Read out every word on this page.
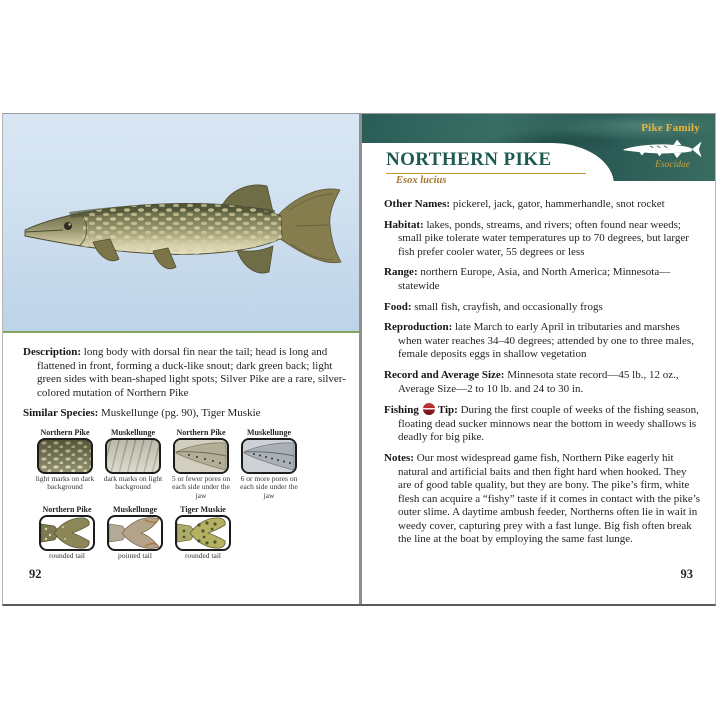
Description: long body with dorsal fin near the tail; head is long and flattened in front, forming a duck-like snout; dark green back; light green sides with bean-shaped light spots; Silver Pike are a rare, silver-colored mutation of Northern Pike

Similar Species: Muskellunge (pg. 90), Tiger Muskie

Northern Pike
light marks on dark background
Muskellunge
dark marks on light background
Northern Pike
5 or fewer pores on each side under the jaw
Muskellunge
6 or more pores on each side under the jaw
Northern Pike
rounded tail
Muskellunge
pointed tail
Tiger Muskie
rounded tail
92
Pike Family
Esocidae
NORTHERN PIKE
Esox lucius

Other Names: pickerel, jack, gator, hammerhandle, snot rocket

Habitat: lakes, ponds, streams, and rivers; often found near weeds; small pike tolerate water temperatures up to 70 degrees, but larger fish prefer cooler water, 55 degrees or less

Range: northern Europe, Asia, and North America; Minnesota—statewide

Food: small fish, crayfish, and occasionally frogs

Reproduction: late March to early April in tributaries and marshes when water reaches 34–40 degrees; attended by one to three males, female deposits eggs in shallow vegetation

Record and Average Size: Minnesota state record—45 lb., 12 oz., Average Size—2 to 10 lb. and 24 to 30 in.

Fishing Tip: During the first couple of weeks of the fishing season, floating dead sucker minnows near the bottom in weedy shallows is deadly for big pike.

Notes: Our most widespread game fish, Northern Pike eagerly hit natural and artificial baits and then fight hard when hooked. They are of good table quality, but they are bony. The pike’s firm, white flesh can acquire a “fishy” taste if it comes in contact with the pike’s outer slime. A daytime ambush feeder, Northerns often lie in wait in weedy cover, capturing prey with a fast lunge. Big fish often break the line at the boat by employing the same fast lunge.

93
